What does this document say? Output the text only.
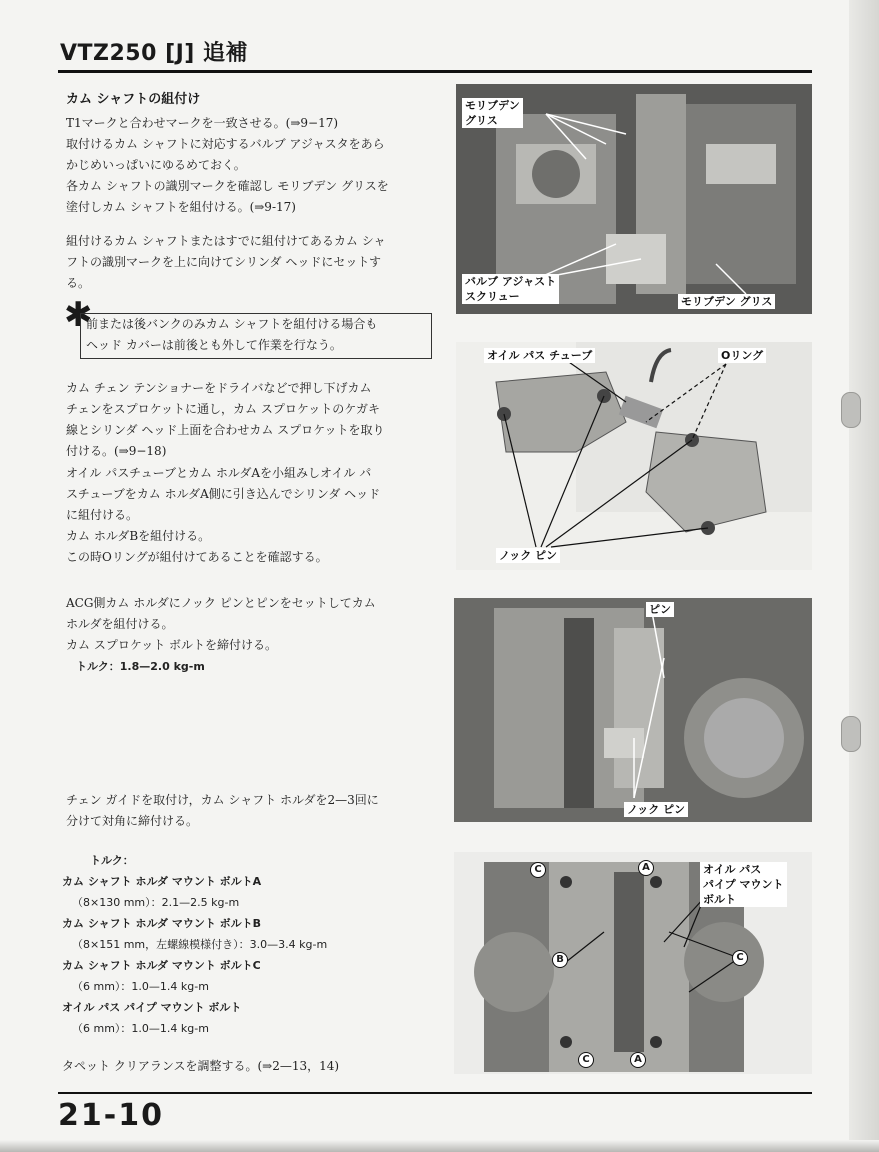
VTZ250 [J] 追補
カム シャフトの組付け
T1マークと合わせマークを一致させる。(⇒9−17)
取付けるカム シャフトに対応するバルブ アジャスタをあら
かじめいっぱいにゆるめておく。
各カム シャフトの識別マークを確認し モリブデン グリスを
塗付しカム シャフトを組付ける。(⇒9-17)
組付けるカム シャフトまたはすでに組付けてあるカム シャ
フトの識別マークを上に向けてシリンダ ヘッドにセットす
る。
✱
前または後バンクのみカム シャフトを組付ける場合も
ヘッド カバーは前後とも外して作業を行なう。
カム チェン テンショナーをドライバなどで押し下げカム
チェンをスプロケットに通し，カム スプロケットのケガキ
線とシリンダ ヘッド上面を合わせカム スプロケットを取り
付ける。(⇒9−18)
オイル パスチューブとカム ホルダAを小組みしオイル パ
スチューブをカム ホルダA側に引き込んでシリンダ ヘッド
に組付ける。
カム ホルダBを組付ける。
この時Oリングが組付けてあることを確認する。
ACG側カム ホルダにノック ピンとピンをセットしてカム
ホルダを組付ける。
カム スプロケット ボルトを締付ける。
トルク：1.8—2.0 kg-m
チェン ガイドを取付け，カム シャフト ホルダを2—3回に
分けて対角に締付ける。
トルク：
カム シャフト ホルダ マウント ボルトA
（8×130 mm）：2.1—2.5 kg-m
カム シャフト ホルダ マウント ボルトB
（8×151 mm，左螺線模様付き）：3.0—3.4 kg-m
カム シャフト ホルダ マウント ボルトC
（6 mm）：1.0—1.4 kg-m
オイル パス パイプ マウント ボルト
（6 mm）：1.0—1.4 kg-m
タペット クリアランスを調整する。(⇒2—13，14)
モリブデン
グリス
バルブ アジャスト
スクリュー	モリブデン グリス
オイル パス チューブ	Oリング
ノック ピン
ピン
ノック ピン
オイル パス
パイプ マウント
ボルト
C	A
B	C
C	A
21-10
